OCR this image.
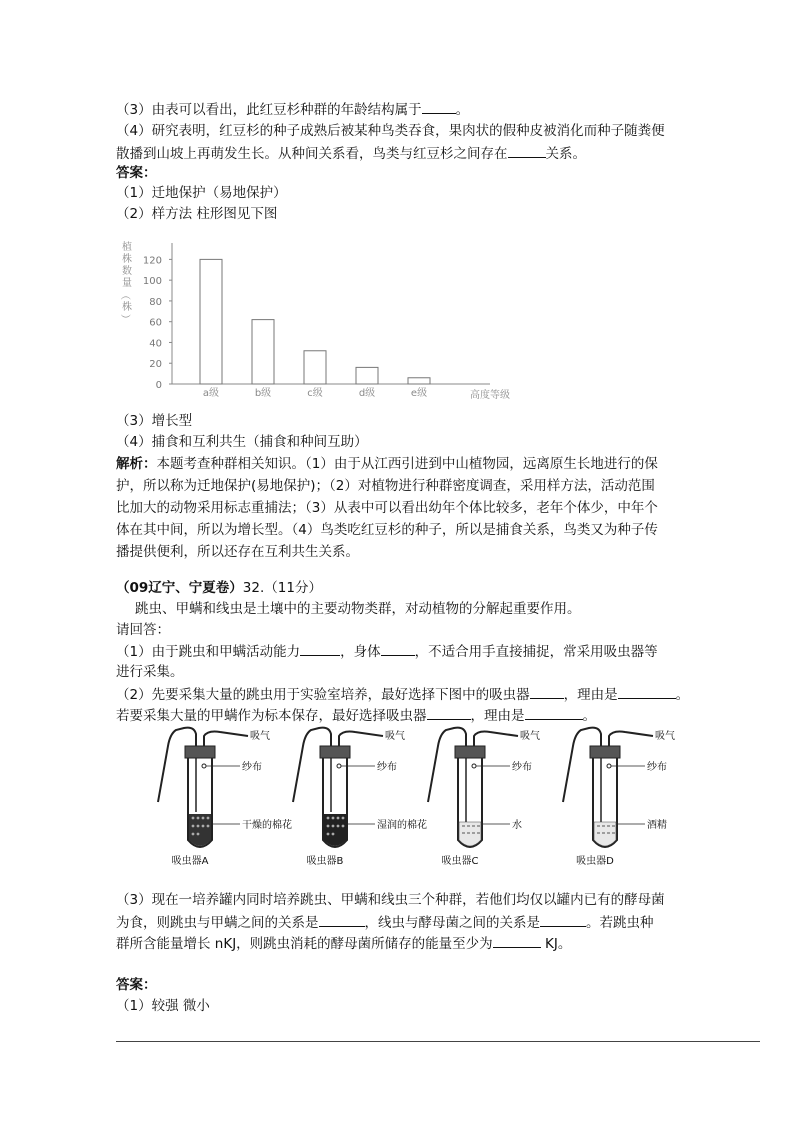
（3）由表可以看出，此红豆杉种群的年龄结构属于	。
（4）研究表明，红豆杉的种子成熟后被某种鸟类吞食，果肉状的假种皮被消化而种子随粪便
散播到山坡上再萌发生长。从种间关系看，鸟类与红豆杉之间存在	关系。
答案：
（1）迁地保护（易地保护）
（2）样方法 柱形图见下图
0
20
40
60
80
100
120
植
株
数
量
（
株
）
a级	b级	c级	d级	e级	高度等级
（3）增长型
（4）捕食和互利共生（捕食和种间互助）
解析：本题考查种群相关知识。（1）由于从江西引进到中山植物园，远离原生长地进行的保
护，所以称为迁地保护(易地保护)；（2）对植物进行种群密度调查，采用样方法，活动范围
比加大的动物采用标志重捕法；（3）从表中可以看出幼年个体比较多，老年个体少，中年个
体在其中间，所以为增长型。（4）鸟类吃红豆杉的种子，所以是捕食关系，鸟类又为种子传
播提供便利，所以还存在互利共生关系。
（09辽宁、宁夏卷）32.（11分）
跳虫、甲螨和线虫是土壤中的主要动物类群，对动植物的分解起重要作用。
请回答：
（1）由于跳虫和甲螨活动能力	，身体	，不适合用手直接捕捉，常采用吸虫器等
进行采集。
（2）先要采集大量的跳虫用于实验室培养，最好选择下图中的吸虫器	，理由是	。
若要采集大量的甲螨作为标本保存，最好选择吸虫器	，理由是	。
吸气
纱布
干燥的棉花
吸虫器A
吸气
纱布
湿润的棉花
吸虫器B
吸气
纱布
水
吸虫器C
吸气
纱布
酒精
吸虫器D
（3）现在一培养罐内同时培养跳虫、甲螨和线虫三个种群，若他们均仅以罐内已有的酵母菌
为食，则跳虫与甲螨之间的关系是	，线虫与酵母菌之间的关系是	。若跳虫种
群所含能量增长 nKJ，则跳虫消耗的酵母菌所储存的能量至少为	KJ。
答案：
（1）较强 微小
